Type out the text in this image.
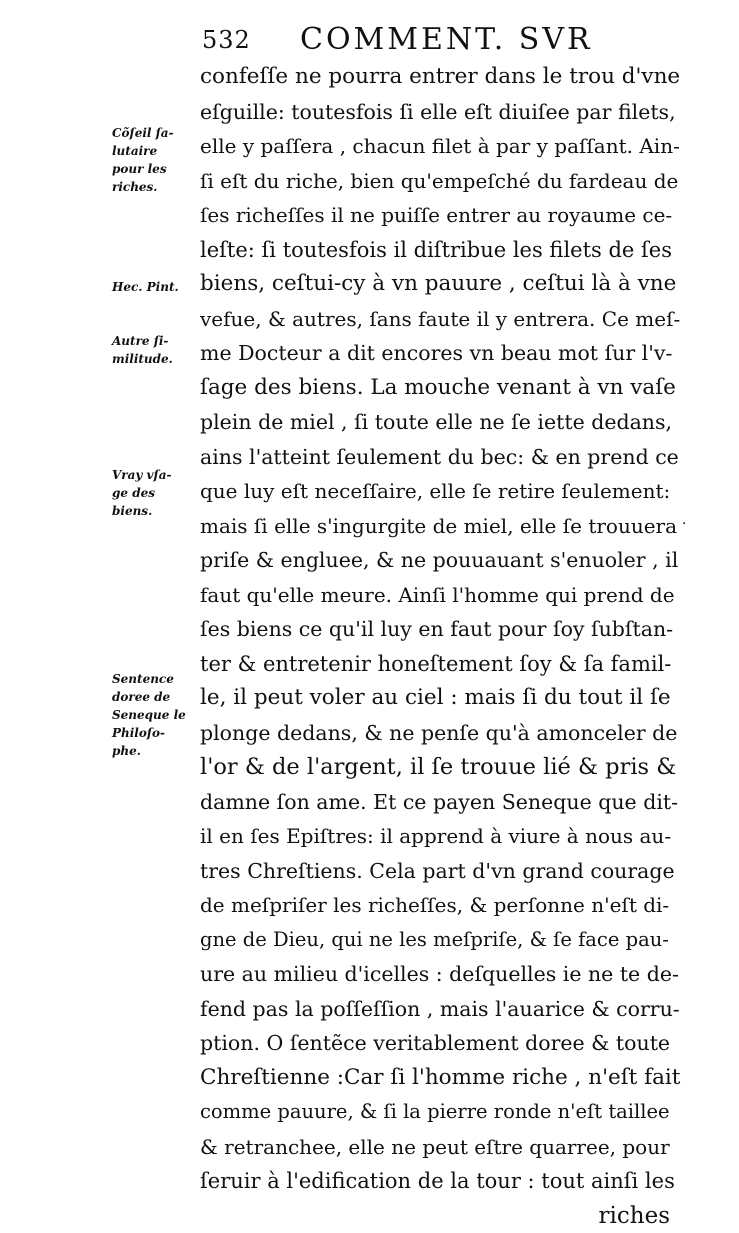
532 COMMENT. SVR
confeſſe ne pourra entrer dans le trou d'vne
eſguille: toutesfois ſi elle eſt diuiſee par filets,
elle y paſſera , chacun filet à par y paſſant. Ain-
ſi eſt du riche, bien qu'empeſché du fardeau de
ſes richeſſes il ne puiſſe entrer au royaume ce-
leſte: ſi toutesfois il diſtribue les filets de ſes
biens, ceſtui-cy à vn pauure , ceſtui là à vne
vefue, & autres, ſans faute il y entrera. Ce meſ-
me Docteur a dit encores vn beau mot ſur l'v-
ſage des biens. La mouche venant à vn vaſe
plein de miel , ſi toute elle ne ſe iette dedans,
ains l'atteint ſeulement du bec: & en prend ce
que luy eſt neceſſaire, elle ſe retire ſeulement:
mais ſi elle s'ingurgite de miel, elle ſe trouuera
priſe & engluee, & ne pouuauant s'enuoler , il
faut qu'elle meure. Ainſi l'homme qui prend de
ſes biens ce qu'il luy en faut pour ſoy ſubſtan-
ter & entretenir honeſtement ſoy & ſa famil-
le, il peut voler au ciel : mais ſi du tout il ſe
plonge dedans, & ne penſe qu'à amonceler de
l'or & de l'argent, il ſe trouue lié & pris &
damne ſon ame. Et ce payen Seneque que dit-
il en ſes Epiſtres: il apprend à viure à nous au-
tres Chreſtiens. Cela part d'vn grand courage
de meſpriſer les richeſſes, & perſonne n'eſt di-
gne de Dieu, qui ne les meſpriſe, & ſe face pau-
ure au milieu d'icelles : deſquelles ie ne te de-
fend pas la poſſeſſion , mais l'auarice & corru-
ption. O ſentẽce veritablement doree & toute
Chreſtienne :Car ſi l'homme riche , n'eſt fait
comme pauure, & ſi la pierre ronde n'eſt taillee
& retranchee, elle ne peut eſtre quarree, pour
ſeruir à l'edification de la tour : tout ainſi les
riches
Cõſeil ſa-
lutaire
pour les
riches.
Hec. Pint.
Autre ſi-
militude.
Vray vſa-
ge des
biens.
Sentence
doree de
Seneque le
Philoſo-
phe.
·
